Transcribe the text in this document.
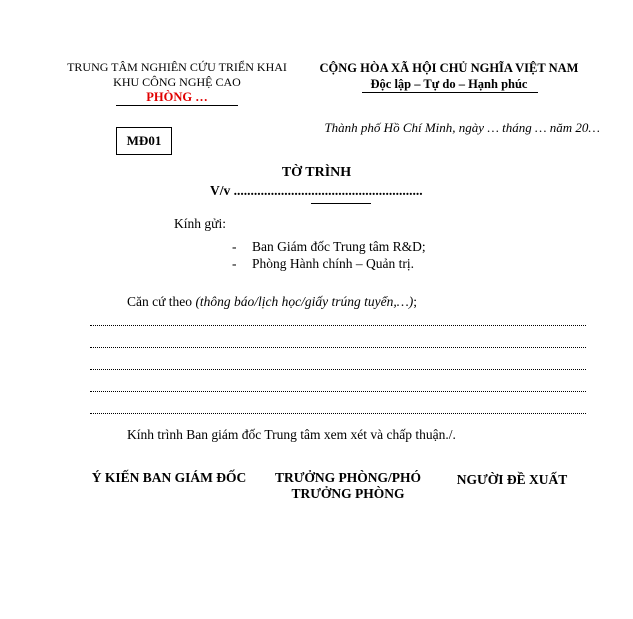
TRUNG TÂM NGHIÊN CỨU TRIỂN KHAI
KHU CÔNG NGHỆ CAO
PHÒNG …
CỘNG HÒA XÃ HỘI CHỦ NGHĨA VIỆT NAM
Độc lập – Tự do – Hạnh phúc
MĐ01
Thành phố Hồ Chí Minh, ngày … tháng … năm 20…
TỜ TRÌNH
V/v ........................................................
Kính gửi:
- Ban Giám đốc Trung tâm R&D;
- Phòng Hành chính – Quản trị.
Căn cứ theo (thông báo/lịch học/giấy trúng tuyển,…);
Kính trình Ban giám đốc Trung tâm xem xét và chấp thuận./.
Ý KIẾN BAN GIÁM ĐỐC	TRƯỞNG PHÒNG/PHÓ
TRƯỞNG PHÒNG
NGƯỜI ĐỀ XUẤT
